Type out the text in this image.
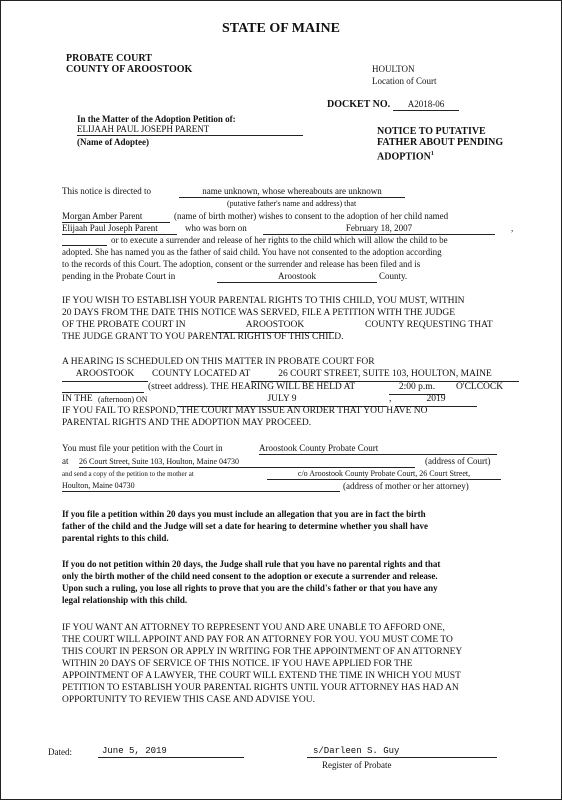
STATE OF MAINE
PROBATE COURT
COUNTY OF AROOSTOOK	HOULTON
Location of Court
DOCKET NO.	A2018-06
In the Matter of the Adoption Petition of:
ELIJAAH PAUL JOSEPH PARENT
(Name of Adoptee)
NOTICE TO PUTATIVE
FATHER ABOUT PENDING
ADOPTION$^1$
This notice is directed to	name unknown, whose whereabouts are unknown
(putative father's name and address) that
Morgan Amber Parent	(name of birth mother) wishes to consent to the adoption of her child named
Elijaah Paul Joseph Parent	who was born on	February 18, 2007	,
or to execute a surrender and release of her rights to the child which will allow the child to be
adopted. She has named you as the father of said child. You have not consented to the adoption according
to the records of this Court. The adoption, consent or the surrender and release has been filed and is
pending in the Probate Court in	Aroostook	County.
IF YOU WISH TO ESTABLISH YOUR PARENTAL RIGHTS TO THIS CHILD, YOU MUST, WITHIN
20 DAYS FROM THE DATE THIS NOTICE WAS SERVED, FILE A PETITION WITH THE JUDGE
OF THE PROBATE COURT IN	AROOSTOOK	COUNTY REQUESTING THAT
THE JUDGE GRANT TO YOU PARENTAL RIGHTS OF THIS CHILD.
A HEARING IS SCHEDULED ON THIS MATTER IN PROBATE COURT FOR
AROOSTOOK	COUNTY LOCATED AT	26 COURT STREET, SUITE 103, HOULTON, MAINE
(street address). THE HEARING WILL BE HELD AT	2:00 p.m.	O'CLCOCK
IN THE (afternoon) ON	JULY 9	,	2019
IF YOU FAIL TO RESPOND, THE COURT MAY ISSUE AN ORDER THAT YOU HAVE NO
PARENTAL RIGHTS AND THE ADOPTION MAY PROCEED.
You must file your petition with the Court in	Aroostook County Probate Court
at 26 Court Street, Suite 103, Houlton, Maine 04730	(address of Court)
and send a copy of the petition to the mother at	c/o Aroostook County Probate Court, 26 Court Street,
Houlton, Maine 04730	(address of mother or her attorney)
If you file a petition within 20 days you must include an allegation that you are in fact the birth
father of the child and the Judge will set a date for hearing to determine whether you shall have
parental rights to this child.
If you do not petition within 20 days, the Judge shall rule that you have no parental rights and that
only the birth mother of the child need consent to the adoption or execute a surrender and release.
Upon such a ruling, you lose all rights to prove that you are the child's father or that you have any
legal relationship with this child.
IF YOU WANT AN ATTORNEY TO REPRESENT YOU AND ARE UNABLE TO AFFORD ONE,
THE COURT WILL APPOINT AND PAY FOR AN ATTORNEY FOR YOU. YOU MUST COME TO
THIS COURT IN PERSON OR APPLY IN WRITING FOR THE APPOINTMENT OF AN ATTORNEY
WITHIN 20 DAYS OF SERVICE OF THIS NOTICE. IF YOU HAVE APPLIED FOR THE
APPOINTMENT OF A LAWYER, THE COURT WILL EXTEND THE TIME IN WHICH YOU MUST
PETITION TO ESTABLISH YOUR PARENTAL RIGHTS UNTIL YOUR ATTORNEY HAS HAD AN
OPPORTUNITY TO REVIEW THIS CASE AND ADVISE YOU.
Dated:	June 5, 2019	s/Darleen S. Guy
Register of Probate
